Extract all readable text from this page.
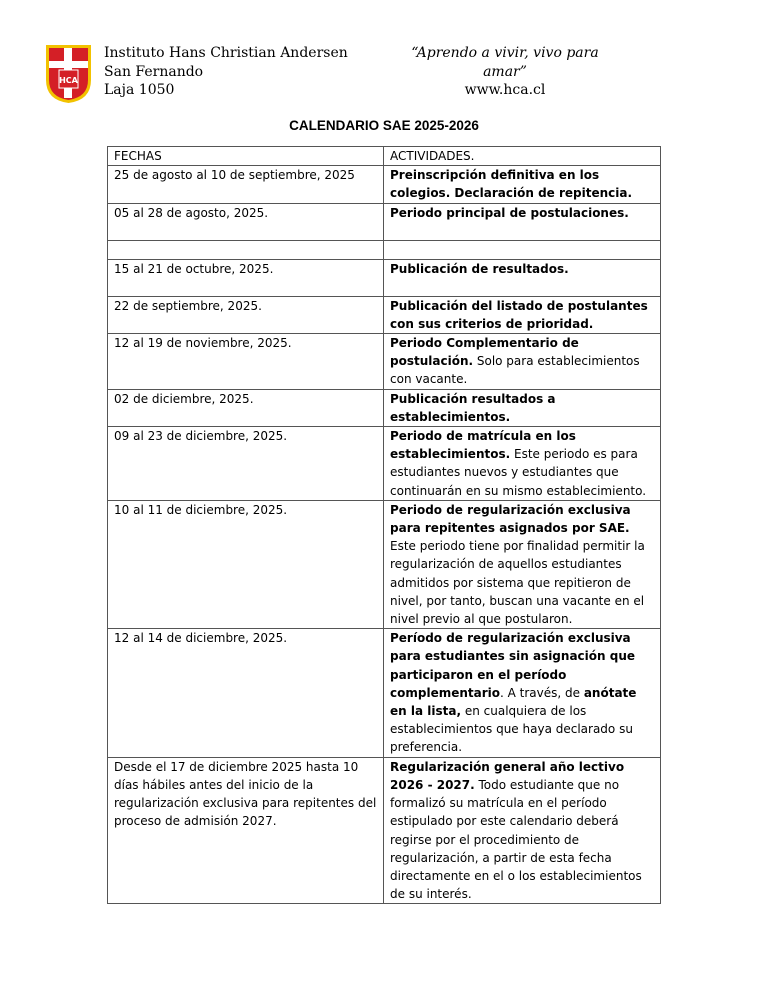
HCA
Instituto Hans Christian Andersen
San Fernando
Laja 1050
“Aprendo a vivir, vivo para amar”
www.hca.cl
CALENDARIO SAE 2025-2026
FECHAS	ACTIVIDADES.
25 de agosto al 10 de septiembre, 2025	Preinscripción definitiva en los colegios. Declaración de repitencia.
05 al 28 de agosto, 2025.	Periodo principal de postulaciones.

15 al 21 de octubre, 2025.	Publicación de resultados.
22 de septiembre, 2025.	Publicación del listado de postulantes con sus criterios de prioridad.
12 al 19 de noviembre, 2025.	Periodo Complementario de postulación. Solo para establecimientos con vacante.
02 de diciembre, 2025.	Publicación resultados a establecimientos.
09 al 23 de diciembre, 2025.	Periodo de matrícula en los establecimientos. Este periodo es para estudiantes nuevos y estudiantes que continuarán en su mismo establecimiento.
10 al 11 de diciembre, 2025.	Periodo de regularización exclusiva para repitentes asignados por SAE. Este periodo tiene por finalidad permitir la regularización de aquellos estudiantes admitidos por sistema que repitieron de nivel, por tanto, buscan una vacante en el nivel previo al que postularon.
12 al 14 de diciembre, 2025.	Período de regularización exclusiva para estudiantes sin asignación que participaron en el período complementario. A través, de anótate en la lista, en cualquiera de los establecimientos que haya declarado su preferencia.
Desde el 17 de diciembre 2025 hasta 10 días hábiles antes del inicio de la regularización exclusiva para repitentes del proceso de admisión 2027.	Regularización general año lectivo 2026 - 2027. Todo estudiante que no formalizó su matrícula en el período estipulado por este calendario deberá regirse por el procedimiento de regularización, a partir de esta fecha directamente en el o los establecimientos de su interés.
